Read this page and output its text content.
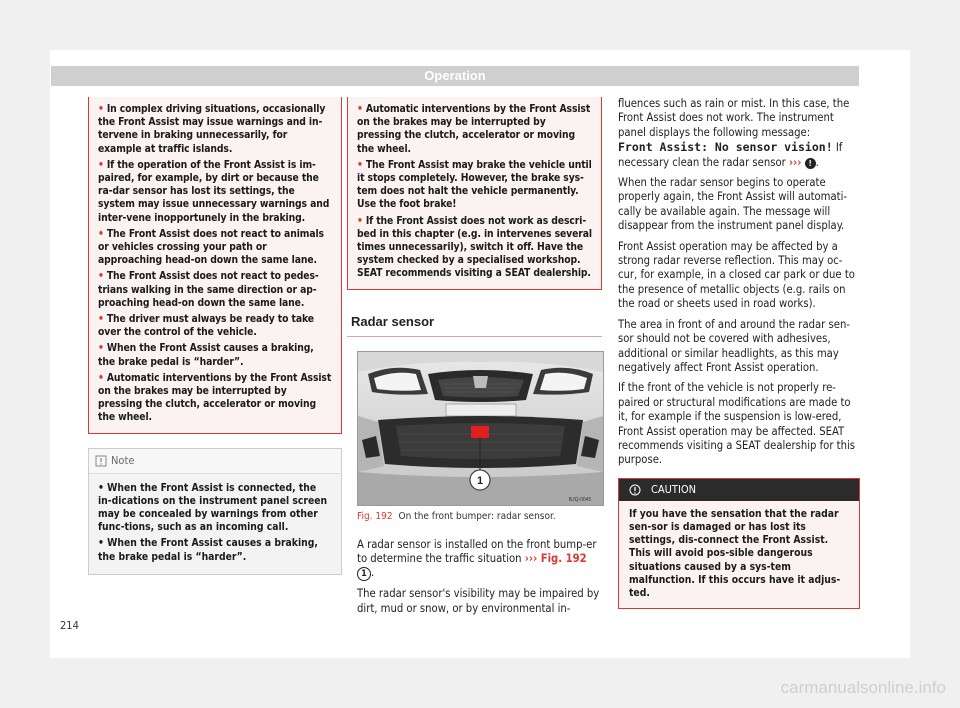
Operation
• In complex driving situations, occasionally the Front Assist may issue warnings and in-tervene in braking unnecessarily, for example at traffic islands.
• If the operation of the Front Assist is im-paired, for example, by dirt or because the ra-dar sensor has lost its settings, the system may issue unnecessary warnings and inter-vene inopportunely in the braking.
• The Front Assist does not react to animals or vehicles crossing your path or approaching head-on down the same lane.
• The Front Assist does not react to pedes-trians walking in the same direction or ap-proaching head-on down the same lane.
• The driver must always be ready to take over the control of the vehicle.
• When the Front Assist causes a braking, the brake pedal is “harder”.
• Automatic interventions by the Front Assist on the brakes may be interrupted by pressing the clutch, accelerator or moving the wheel.
Note
• When the Front Assist is connected, the in-dications on the instrument panel screen may be concealed by warnings from other func-tions, such as an incoming call.
• When the Front Assist causes a braking, the brake pedal is “harder”.
• Automatic interventions by the Front Assist on the brakes may be interrupted by pressing the clutch, accelerator or moving the wheel.
• The Front Assist may brake the vehicle until it stops completely. However, the brake sys-tem does not halt the vehicle permanently. Use the foot brake!
• If the Front Assist does not work as descri-bed in this chapter (e.g. in intervenes several times unnecessarily), switch it off. Have the system checked by a specialised workshop. SEAT recommends visiting a SEAT dealership.
Radar sensor
1
BJQ-0045
Fig. 192 On the front bumper: radar sensor.

A radar sensor is installed on the front bump-er to determine the traffic situation ››› Fig. 192 1 .

The radar sensor's visibility may be impaired by dirt, mud or snow, or by environmental in-

fluences such as rain or mist. In this case, the Front Assist does not work. The instrument panel displays the following message:
Front Assist: No sensor vision! If necessary clean the radar sensor ››› ! .

When the radar sensor begins to operate properly again, the Front Assist will automati-cally be available again. The message will disappear from the instrument panel display.

Front Assist operation may be affected by a strong radar reverse reflection. This may oc-cur, for example, in a closed car park or due to the presence of metallic objects (e.g. rails on the road or sheets used in road works).

The area in front of and around the radar sen-sor should not be covered with adhesives, additional or similar headlights, as this may negatively affect Front Assist operation.

If the front of the vehicle is not properly re-paired or structural modifications are made to it, for example if the suspension is low-ered, Front Assist operation may be affected. SEAT recommends visiting a SEAT dealership for this purpose.

CAUTION
If you have the sensation that the radar sen-sor is damaged or has lost its settings, dis-connect the Front Assist. This will avoid pos-sible dangerous situations caused by a sys-tem malfunction. If this occurs have it adjus-ted.
214
carmanualsonline.info
